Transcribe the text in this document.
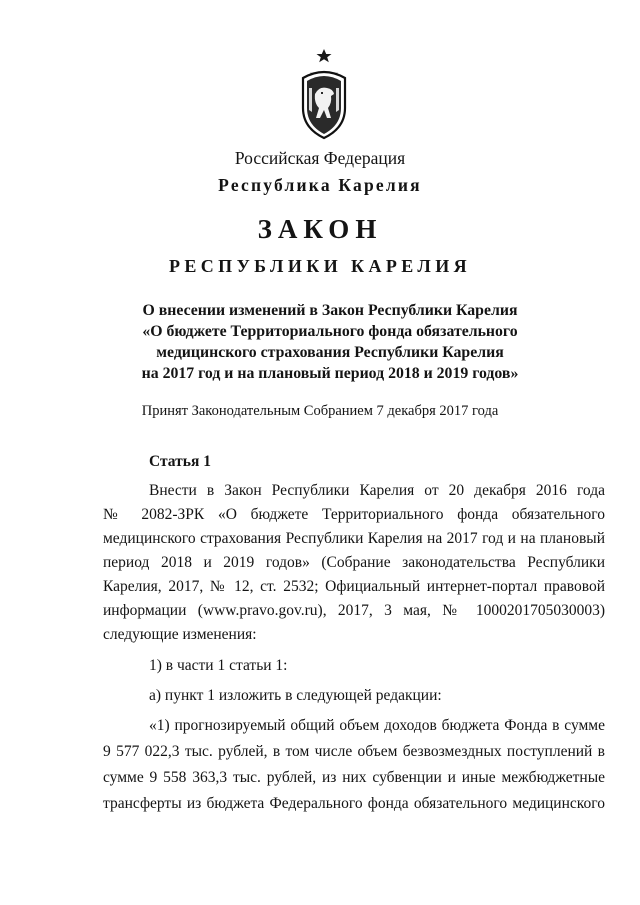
Российская Федерация
Республика Карелия
ЗАКОН
РЕСПУБЛИКИ КАРЕЛИЯ
О внесении изменений в Закон Республики Карелия
«О бюджете Территориального фонда обязательного
медицинского страхования Республики Карелия
на 2017 год и на плановый период 2018 и 2019 годов»
Принят Законодательным Собранием 7 декабря 2017 года
Статья 1
Внести в Закон Республики Карелия от 20 декабря 2016 года
№ 2082-ЗРК «О бюджете Территориального фонда обязательного
медицинского страхования Республики Карелия на 2017 год и на плановый
период 2018 и 2019 годов» (Собрание законодательства Республики
Карелия, 2017, № 12, ст. 2532; Официальный интернет-портал правовой
информации (www.pravo.gov.ru), 2017, 3 мая, № 1000201705030003)
следующие изменения:
1) в части 1 статьи 1:
а) пункт 1 изложить в следующей редакции:
«1) прогнозируемый общий объем доходов бюджета Фонда в сумме
9 577 022,3 тыс. рублей, в том числе объем безвозмездных поступлений в
сумме 9 558 363,3 тыс. рублей, из них субвенции и иные межбюджетные
трансферты из бюджета Федерального фонда обязательного медицинского
